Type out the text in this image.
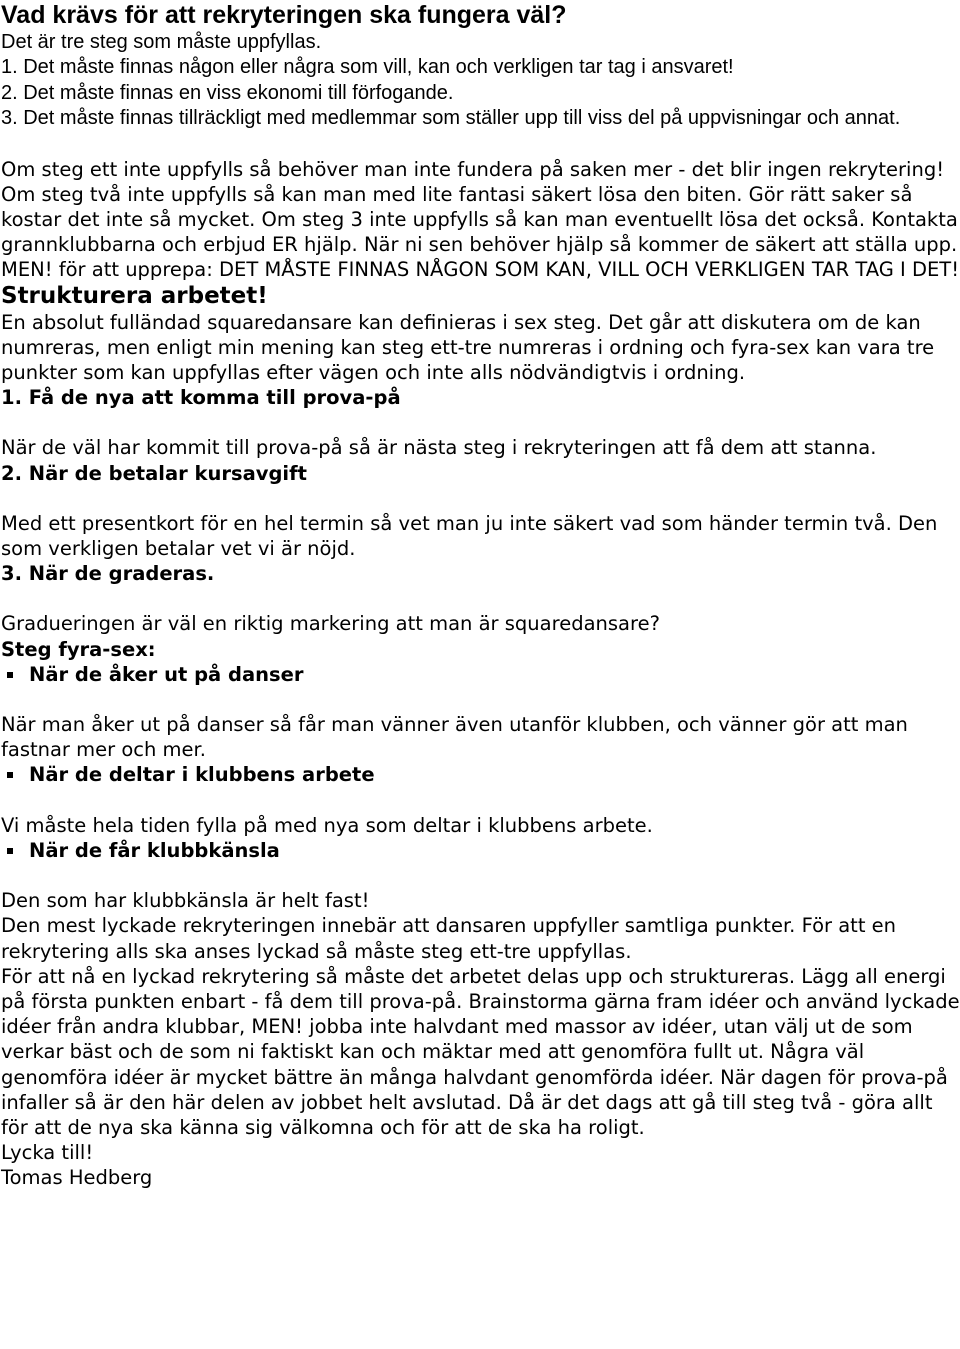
Vad krävs för att rekryteringen ska fungera väl?

Det är tre steg som måste uppfyllas.

1. Det måste finnas någon eller några som vill, kan och verkligen tar tag i ansvaret!

2. Det måste finnas en viss ekonomi till förfogande.

3. Det måste finnas tillräckligt med medlemmar som ställer upp till viss del på uppvisningar och annat.

Om steg ett inte uppfylls så behöver man inte fundera på saken mer - det blir ingen rekrytering! Om steg två inte uppfylls så kan man med lite fantasi säkert lösa den biten. Gör rätt saker så kostar det inte så mycket. Om steg 3 inte uppfylls så kan man eventuellt lösa det också. Kontakta grannklubbarna och erbjud ER hjälp. När ni sen behöver hjälp så kommer de säkert att ställa upp.

MEN! för att upprepa: DET MÅSTE FINNAS NÅGON SOM KAN, VILL OCH VERKLIGEN TAR TAG I DET!

Strukturera arbetet!

En absolut fulländad squaredansare kan definieras i sex steg. Det går att diskutera om de kan numreras, men enligt min mening kan steg ett-tre numreras i ordning och fyra-sex kan vara tre punkter som kan uppfyllas efter vägen och inte alls nödvändigtvis i ordning.

1. Få de nya att komma till prova-på

När de väl har kommit till prova-på så är nästa steg i rekryteringen att få dem att stanna.

2. När de betalar kursavgift

Med ett presentkort för en hel termin så vet man ju inte säkert vad som händer termin två. Den som verkligen betalar vet vi är nöjd.

3. När de graderas.

Gradueringen är väl en riktig markering att man är squaredansare?

Steg fyra-sex:

När de åker ut på danser

När man åker ut på danser så får man vänner även utanför klubben, och vänner gör att man fastnar mer och mer.

När de deltar i klubbens arbete

Vi måste hela tiden fylla på med nya som deltar i klubbens arbete.

När de får klubbkänsla

Den som har klubbkänsla är helt fast!

Den mest lyckade rekryteringen innebär att dansaren uppfyller samtliga punkter. För att en rekrytering alls ska anses lyckad så måste steg ett-tre uppfyllas.

För att nå en lyckad rekrytering så måste det arbetet delas upp och struktureras. Lägg all energi på första punkten enbart - få dem till prova-på. Brainstorma gärna fram idéer och använd lyckade idéer från andra klubbar, MEN! jobba inte halvdant med massor av idéer, utan välj ut de som verkar bäst och de som ni faktiskt kan och mäktar med att genomföra fullt ut. Några väl genomföra idéer är mycket bättre än många halvdant genomförda idéer. När dagen för prova-på infaller så är den här delen av jobbet helt avslutad. Då är det dags att gå till steg två - göra allt för att de nya ska känna sig välkomna och för att de ska ha roligt.

Lycka till!

Tomas Hedberg
